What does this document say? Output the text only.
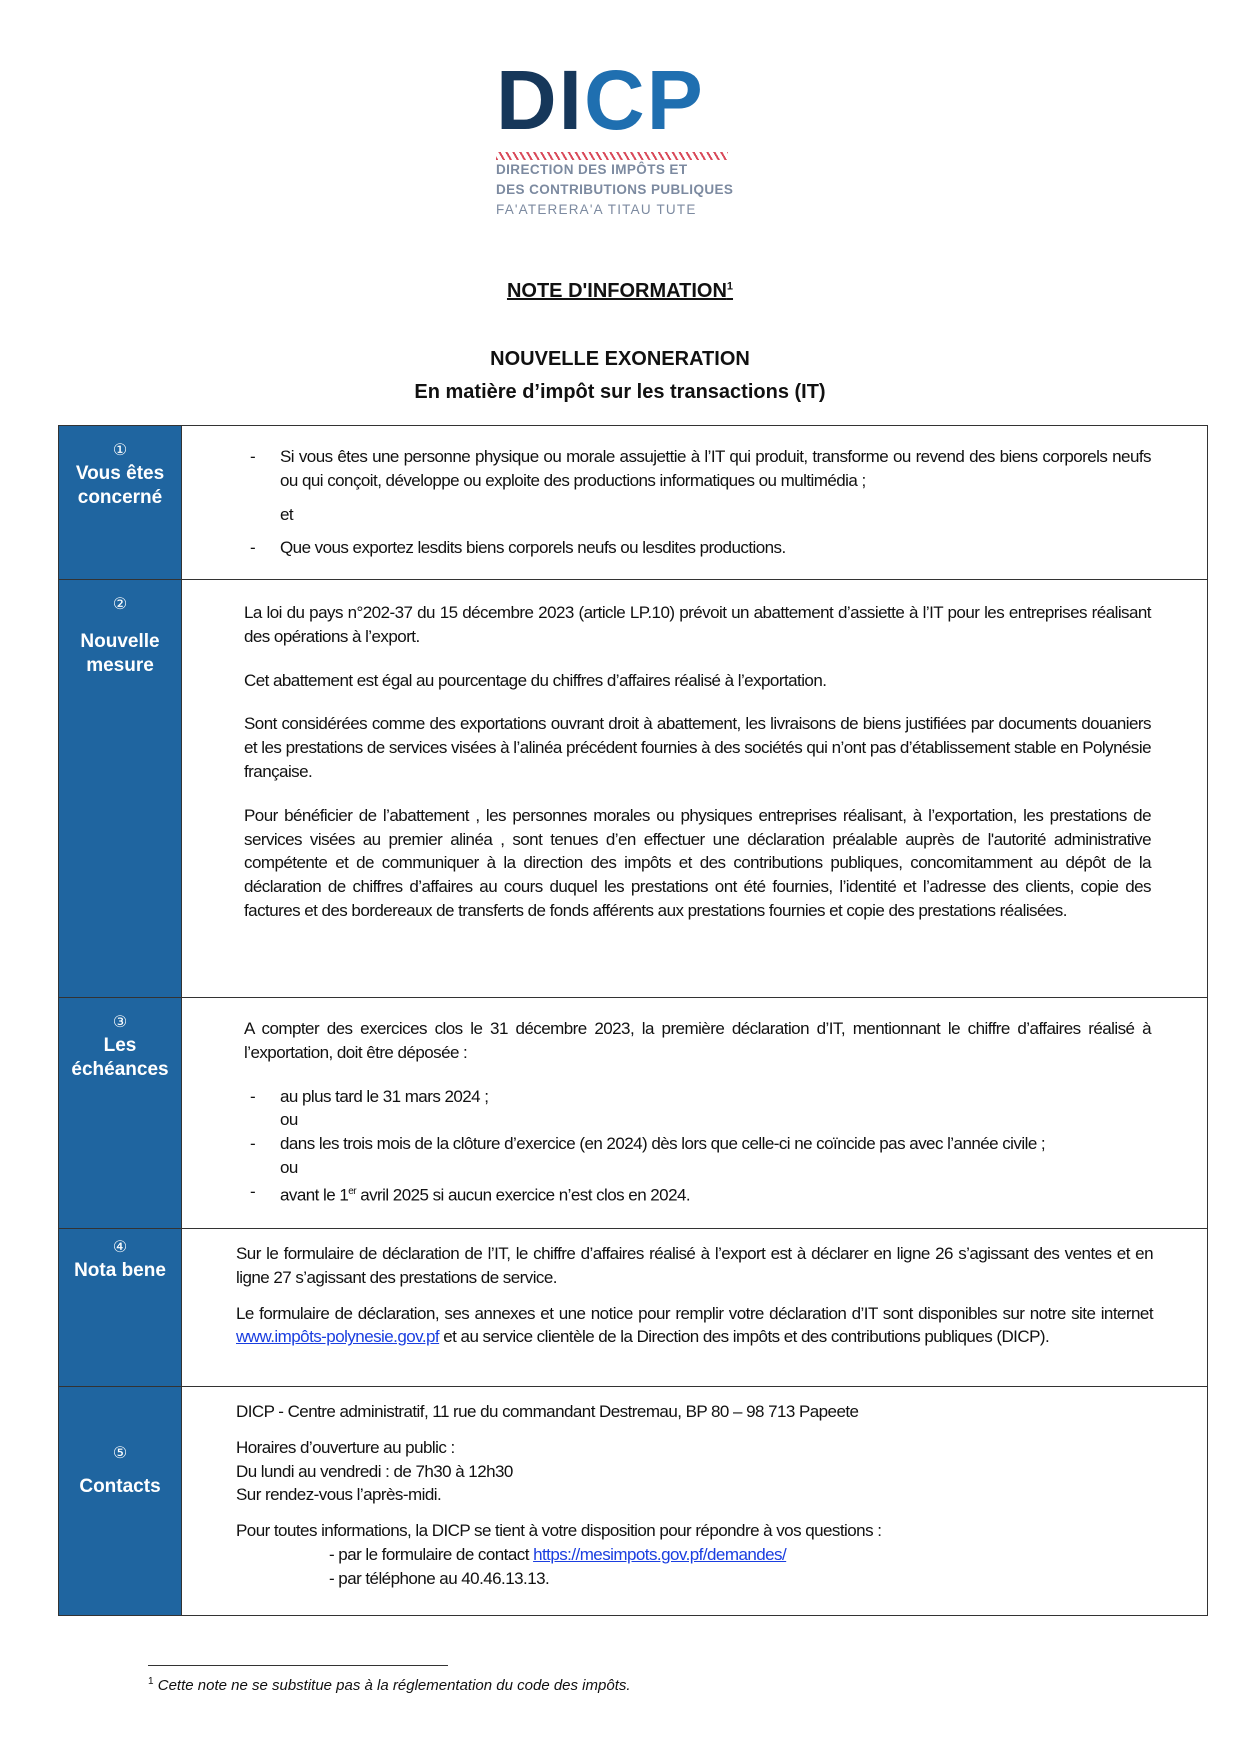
D I C P
DIRECTION DES IMPÔTS ET
DES CONTRIBUTIONS PUBLIQUES
FA'ATERERA'A TITAU TUTE
NOTE D'INFORMATION$^1$
NOUVELLE EXONERATION
En matière d’impôt sur les transactions (IT)
①
Vous êtes concerné
-	Si vous êtes une personne physique ou morale assujettie à l’IT qui produit, transforme ou revend des biens corporels neufs ou qui conçoit, développe ou exploite des productions informatiques ou multimédia ;
et
-	Que vous exportez lesdits biens corporels neufs ou lesdites productions.
②
Nouvelle mesure

La loi du pays n°202-37 du 15 décembre 2023 (article LP.10) prévoit un abattement d’assiette à l’IT pour les entreprises réalisant des opérations à l’export.

Cet abattement est égal au pourcentage du chiffres d’affaires réalisé à l’exportation.

Sont considérées comme des exportations ouvrant droit à abattement, les livraisons de biens justifiées par documents douaniers et les prestations de services visées à l’alinéa précédent fournies à des sociétés qui n’ont pas d’établissement stable en Polynésie française.

Pour bénéficier de l’abattement , les personnes morales ou physiques entreprises réalisant, à l’exportation, les prestations de services visées au premier alinéa , sont tenues d’en effectuer une déclaration préalable auprès de l'autorité administrative compétente et de communiquer à la direction des impôts et des contributions publiques, concomitamment au dépôt de la déclaration de chiffres d’affaires au cours duquel les prestations ont été fournies, l’identité et l’adresse des clients, copie des factures et des bordereaux de transferts de fonds afférents aux prestations fournies et copie des prestations réalisées.

③
Les échéances

A compter des exercices clos le 31 décembre 2023, la première déclaration d’IT, mentionnant le chiffre d’affaires réalisé à l’exportation, doit être déposée :

-	au plus tard le 31 mars 2024 ;
ou
-	dans les trois mois de la clôture d’exercice (en 2024) dès lors que celle-ci ne coïncide pas avec l’année civile ;
ou
-	avant le 1er avril 2025 si aucun exercice n’est clos en 2024.
④
Nota bene

Sur le formulaire de déclaration de l’IT, le chiffre d’affaires réalisé à l’export est à déclarer en ligne 26 s’agissant des ventes et en ligne 27 s’agissant des prestations de service.

Le formulaire de déclaration, ses annexes et une notice pour remplir votre déclaration d’IT sont disponibles sur notre site internet www.impôts-polynesie.gov.pf et au service clientèle de la Direction des impôts et des contributions publiques (DICP).

⑤
Contacts

DICP - Centre administratif, 11 rue du commandant Destremau, BP 80 – 98 713 Papeete

Horaires d’ouverture au public :
Du lundi au vendredi : de 7h30 à 12h30
Sur rendez-vous l’après-midi.
Pour toutes informations, la DICP se tient à votre disposition pour répondre à vos questions :
- par le formulaire de contact https://mesimpots.gov.pf/demandes/
- par téléphone au 40.46.13.13.
$^1$ Cette note ne se substitue pas à la réglementation du code des impôts.
